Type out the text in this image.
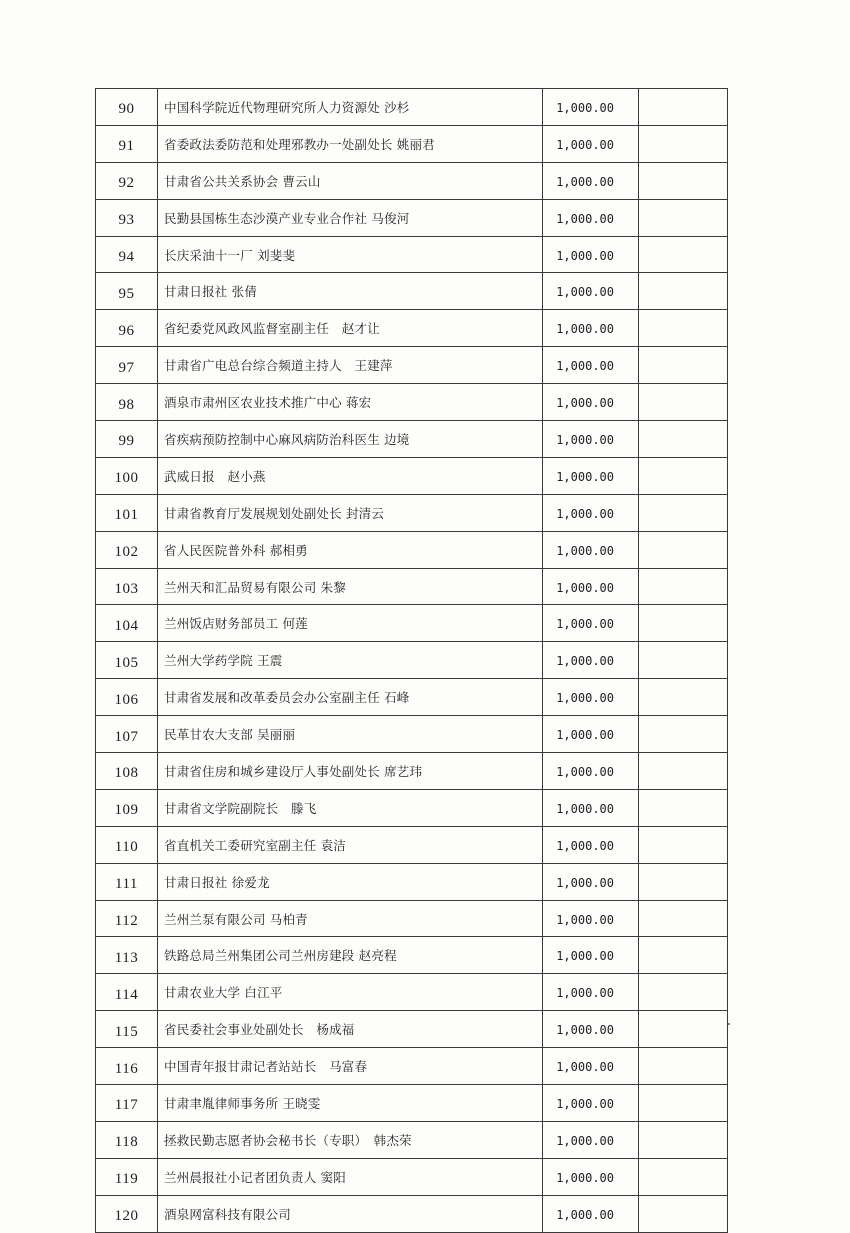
90	中国科学院近代物理研究所人力资源处 沙杉	1,000.00	
91	省委政法委防范和处理邪教办一处副处长 姚丽君	1,000.00	
92	甘肃省公共关系协会 曹云山	1,000.00	
93	民勤县国栋生态沙漠产业专业合作社 马俊河	1,000.00	
94	长庆采油十一厂 刘斐斐	1,000.00	
95	甘肃日报社 张倩	1,000.00	
96	省纪委党风政风监督室副主任　赵才让	1,000.00	
97	甘肃省广电总台综合频道主持人　王建萍	1,000.00	
98	酒泉市肃州区农业技术推广中心 蒋宏	1,000.00	
99	省疾病预防控制中心麻风病防治科医生 边境	1,000.00	
100	武威日报　赵小燕	1,000.00	
101	甘肃省教育厅发展规划处副处长 封清云	1,000.00	
102	省人民医院普外科 郝相勇	1,000.00	
103	兰州天和汇品贸易有限公司 朱黎	1,000.00	
104	兰州饭店财务部员工 何莲	1,000.00	
105	兰州大学药学院 王震	1,000.00	
106	甘肃省发展和改革委员会办公室副主任 石峰	1,000.00	
107	民革甘农大支部 吴丽丽	1,000.00	
108	甘肃省住房和城乡建设厅人事处副处长 席艺玮	1,000.00	
109	甘肃省文学院副院长　滕飞	1,000.00	
110	省直机关工委研究室副主任 袁洁	1,000.00	
111	甘肃日报社 徐爱龙	1,000.00	
112	兰州兰泵有限公司 马柏青	1,000.00	
113	铁路总局兰州集团公司兰州房建段 赵亮程	1,000.00	
114	甘肃农业大学 白江平	1,000.00	
115	省民委社会事业处副处长　杨成福	1,000.00	
116	中国青年报甘肃记者站站长　马富春	1,000.00	
117	甘肃聿胤律师事务所 王晓雯	1,000.00	
118	拯救民勤志愿者协会秘书长（专职）　韩杰荣	1,000.00	
119	兰州晨报社小记者团负责人 窦阳	1,000.00	
120	酒泉网富科技有限公司	1,000.00	
